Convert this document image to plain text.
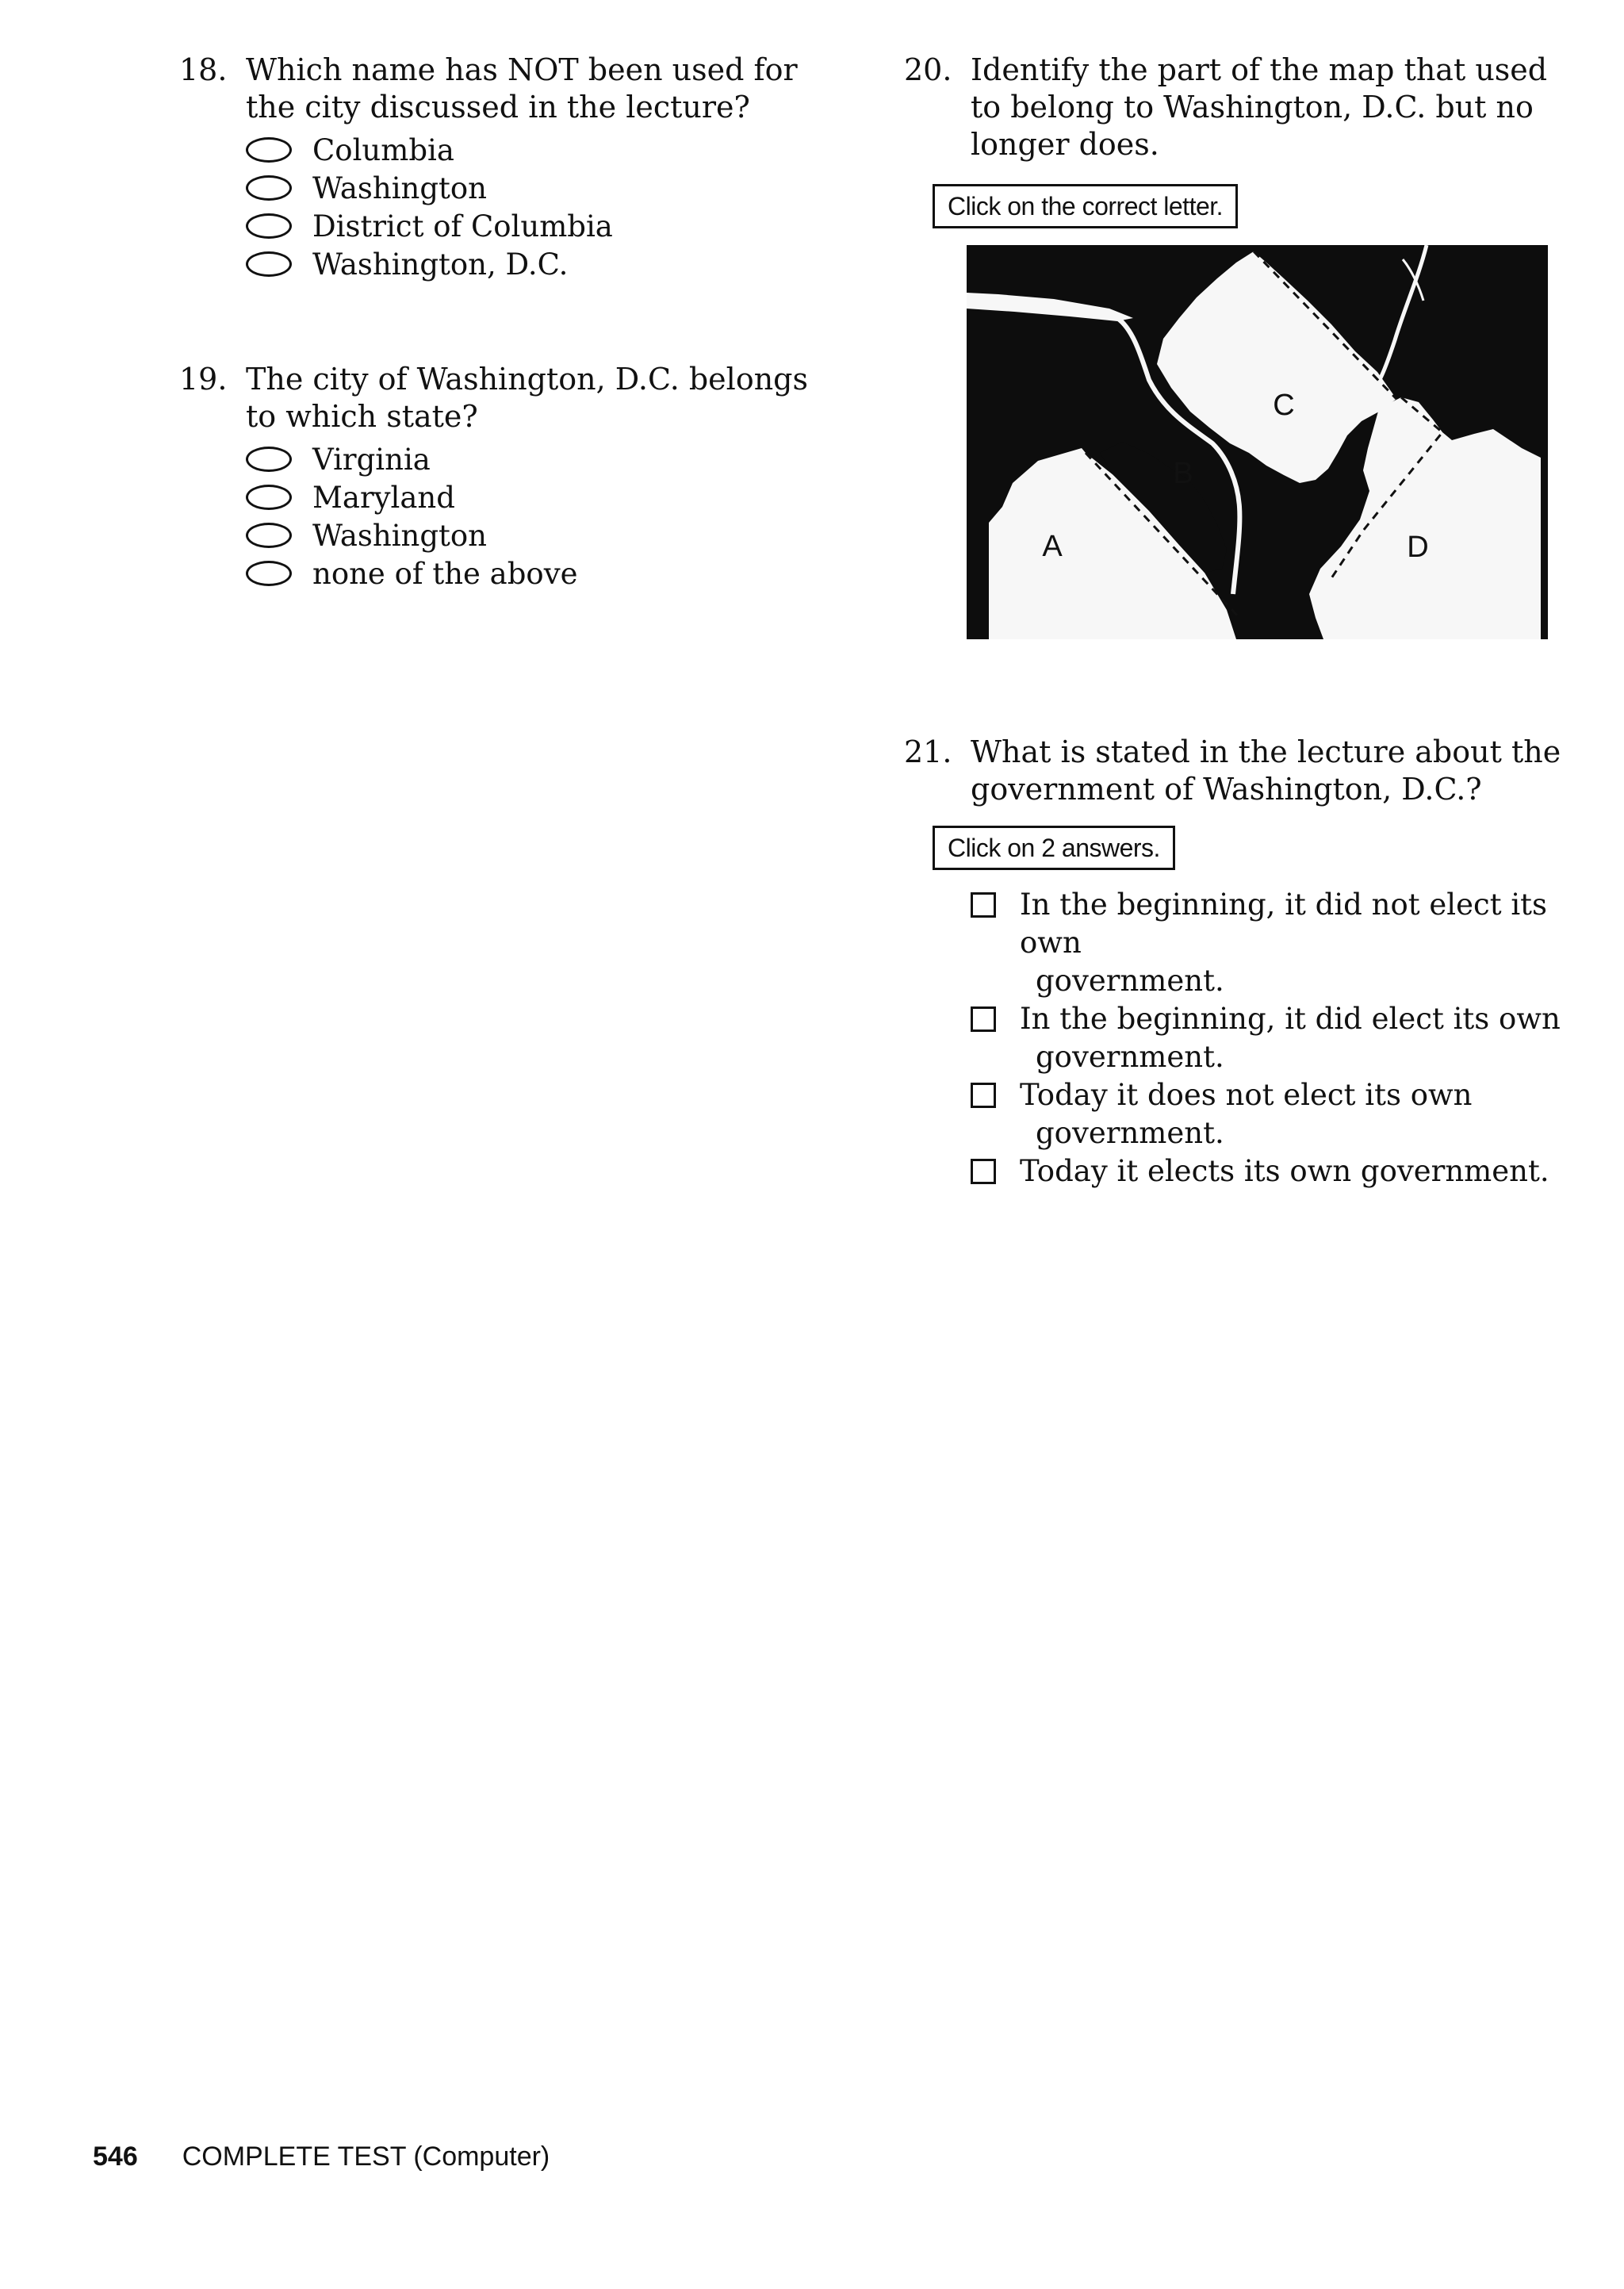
18. Which name has NOT been used for the city discussed in the lecture?
Columbia
Washington
District of Columbia
Washington, D.C.
19. The city of Washington, D.C. belongs to which state?
Virginia
Maryland
Washington
none of the above
20. Identify the part of the map that used to belong to Washington, D.C. but no longer does.
Click on the correct letter.
A
B
C
D
21. What is stated in the lecture about the government of Washington, D.C.?
Click on 2 answers.
In the beginning, it did not elect its own
government.
In the beginning, it did elect its own
government.
Today it does not elect its own
government.
Today it elects its own government.
546 COMPLETE TEST (Computer)
